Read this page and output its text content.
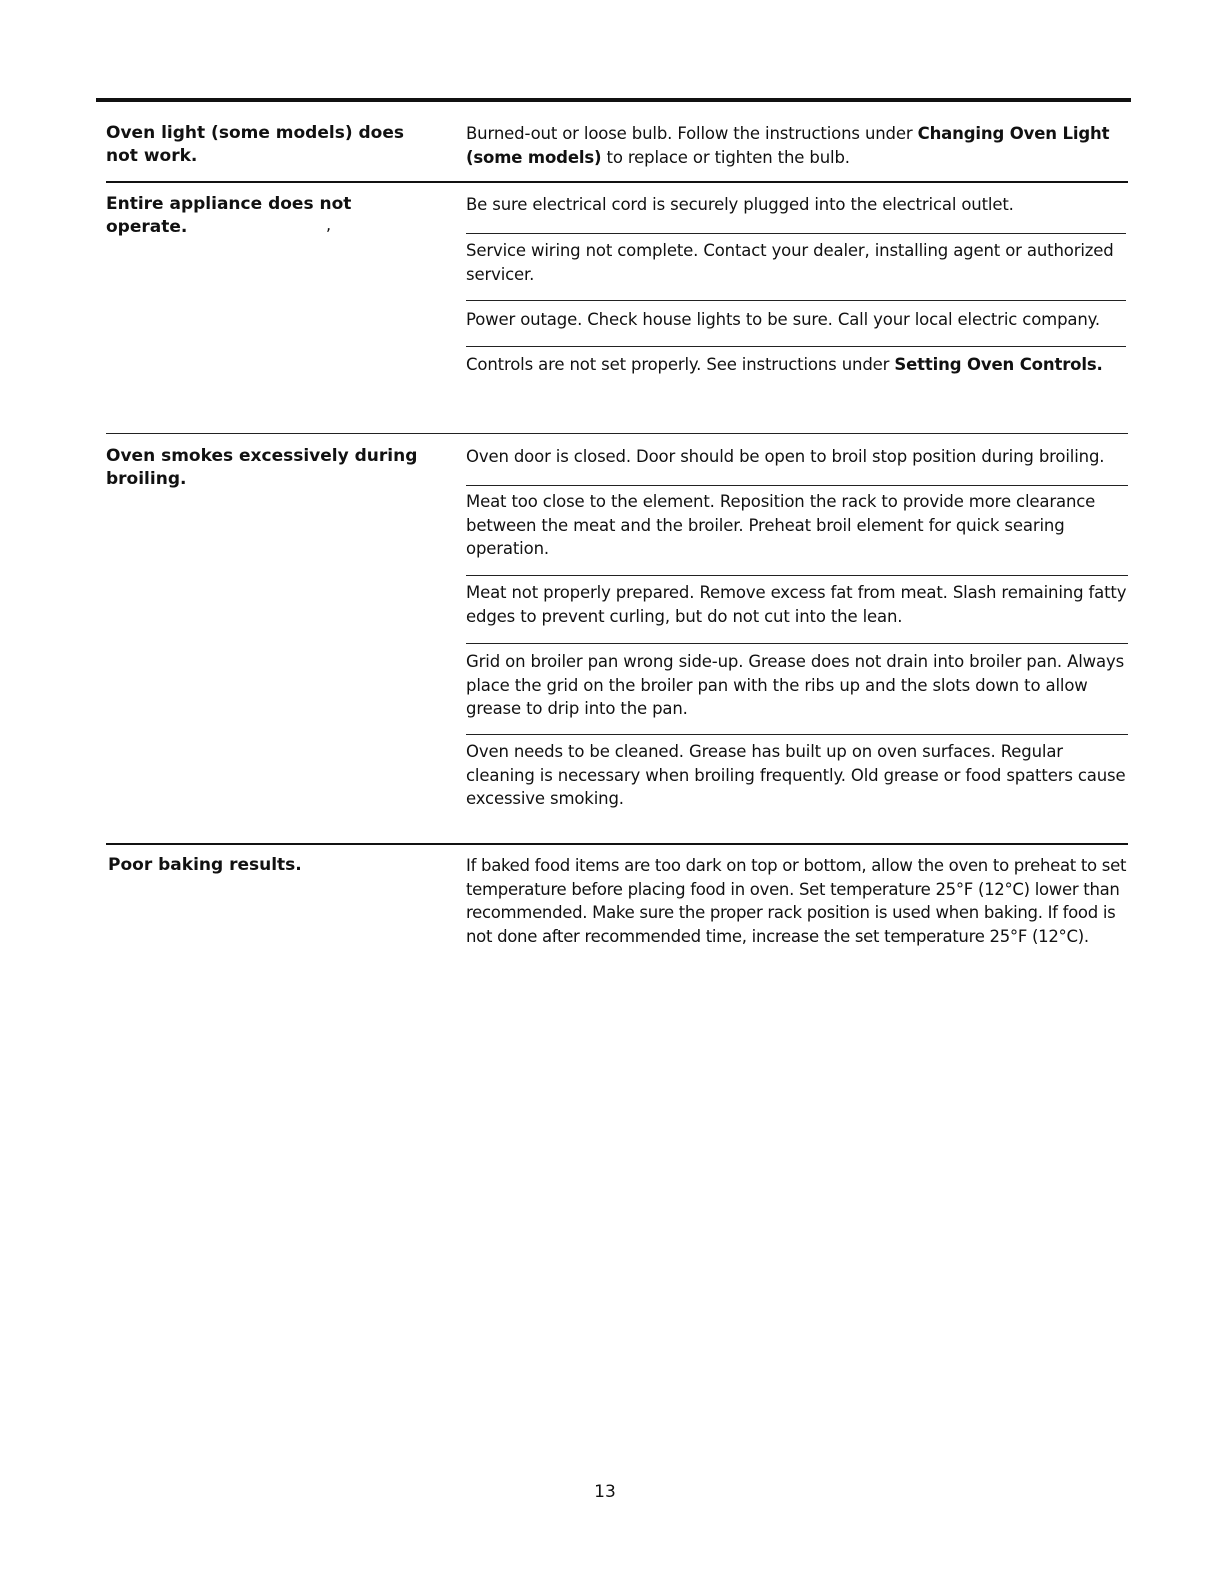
Oven light (some models) does not work.
Burned-out or loose bulb. Follow the instructions under Changing Oven Light (some models) to replace or tighten the bulb.
Entire appliance does not operate.	,
Be sure electrical cord is securely plugged into the electrical outlet.
Service wiring not complete. Contact your dealer, installing agent or authorized servicer.
Power outage. Check house lights to be sure. Call your local electric company.
Controls are not set properly. See instructions under Setting Oven Controls.
Oven smokes excessively during broiling.
Oven door is closed. Door should be open to broil stop position during broiling.
Meat too close to the element. Reposition the rack to provide more clearance between the meat and the broiler. Preheat broil element for quick searing operation.
Meat not properly prepared. Remove excess fat from meat. Slash remaining fatty edges to prevent curling, but do not cut into the lean.
Grid on broiler pan wrong side-up. Grease does not drain into broiler pan. Always place the grid on the broiler pan with the ribs up and the slots down to allow grease to drip into the pan.
Oven needs to be cleaned. Grease has built up on oven surfaces. Regular cleaning is necessary when broiling frequently. Old grease or food spatters cause excessive smoking.
Poor baking results.	If baked food items are too dark on top or bottom, allow the oven to preheat to set temperature before placing food in oven. Set temperature 25°F (12°C) lower than recommended. Make sure the proper rack position is used when baking. If food is not done after recommended time, increase the set temperature 25°F (12°C).
13
